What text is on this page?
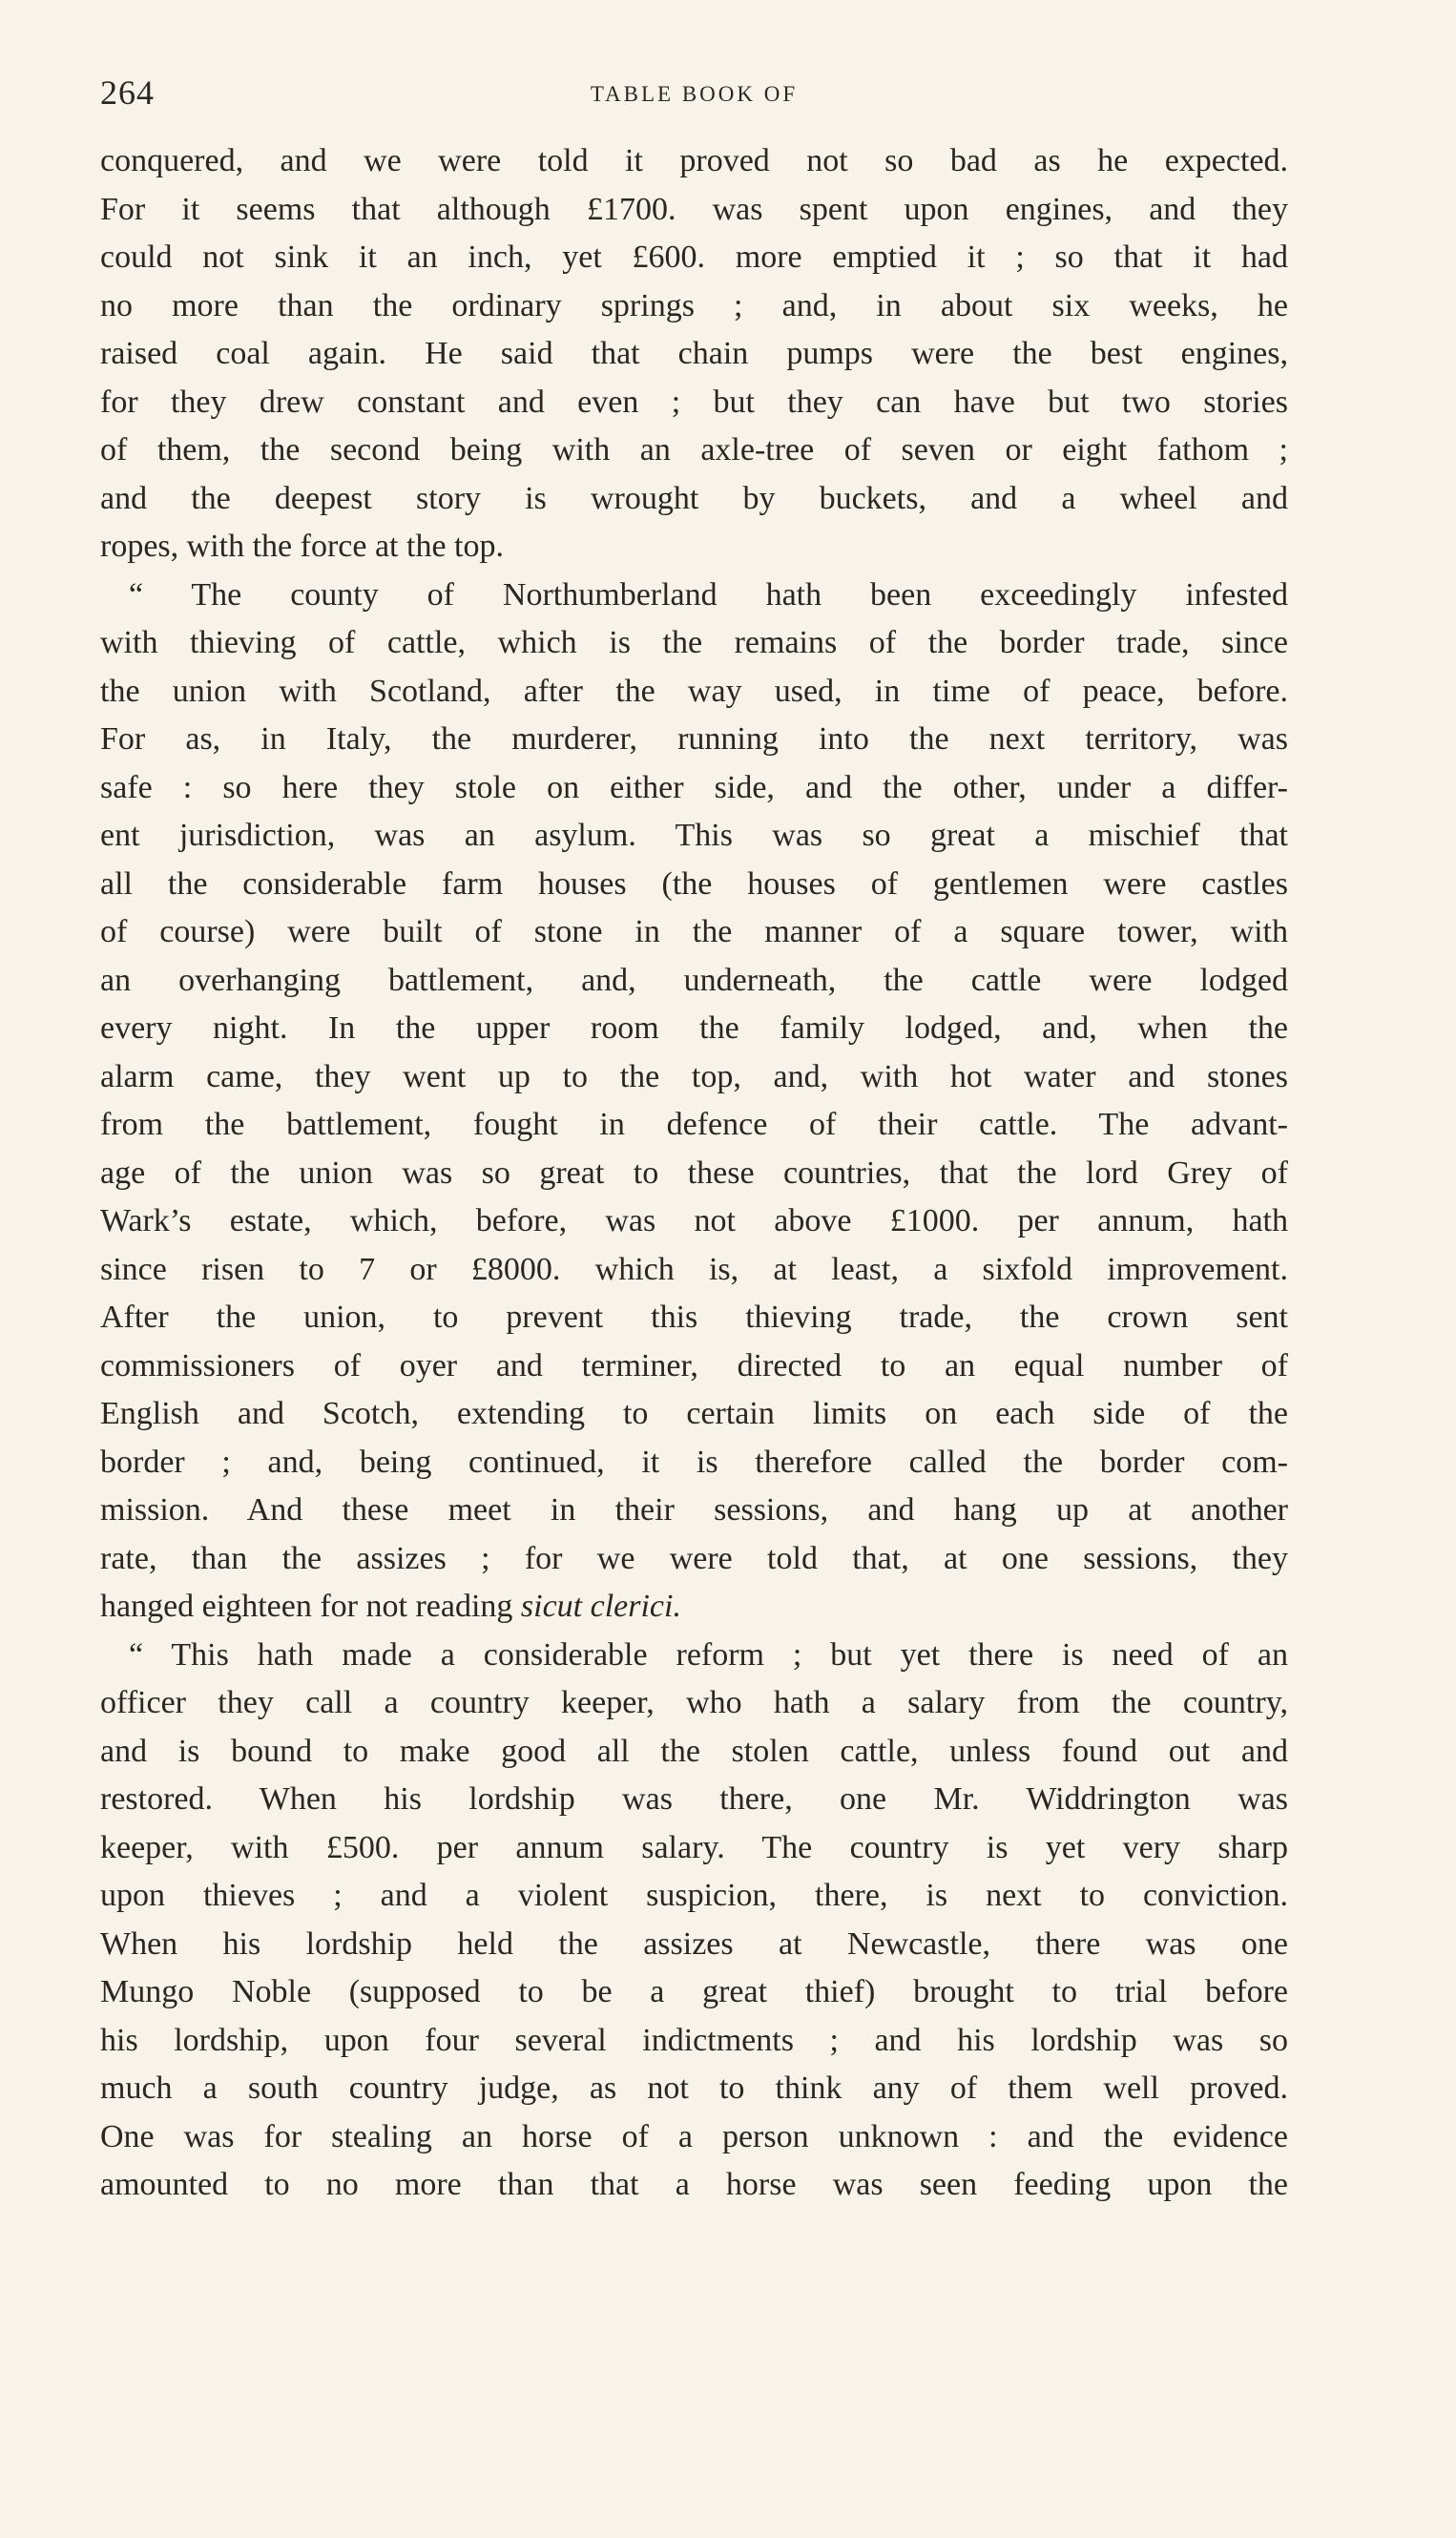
264	TABLE BOOK OF
conquered, and we were told it proved not so bad as he expected.
For it seems that although £1700. was spent upon engines, and they
could not sink it an inch, yet £600. more emptied it ; so that it had
no more than the ordinary springs ; and, in about six weeks, he
raised coal again. He said that chain pumps were the best engines,
for they drew constant and even ; but they can have but two stories
of them, the second being with an axle-tree of seven or eight fathom ;
and the deepest story is wrought by buckets, and a wheel and
ropes, with the force at the top.
“ The county of Northumberland hath been exceedingly infested
with thieving of cattle, which is the remains of the border trade, since
the union with Scotland, after the way used, in time of peace, before.
For as, in Italy, the murderer, running into the next territory, was
safe : so here they stole on either side, and the other, under a differ-
ent jurisdiction, was an asylum. This was so great a mischief that
all the considerable farm houses (the houses of gentlemen were castles
of course) were built of stone in the manner of a square tower, with
an overhanging battlement, and, underneath, the cattle were lodged
every night. In the upper room the family lodged, and, when the
alarm came, they went up to the top, and, with hot water and stones
from the battlement, fought in defence of their cattle. The advant-
age of the union was so great to these countries, that the lord Grey of
Wark’s estate, which, before, was not above £1000. per annum, hath
since risen to 7 or £8000. which is, at least, a sixfold improvement.
After the union, to prevent this thieving trade, the crown sent
commissioners of oyer and terminer, directed to an equal number of
English and Scotch, extending to certain limits on each side of the
border ; and, being continued, it is therefore called the border com-
mission. And these meet in their sessions, and hang up at another
rate, than the assizes ; for we were told that, at one sessions, they
hanged eighteen for not reading sicut clerici.
“ This hath made a considerable reform ; but yet there is need of an
officer they call a country keeper, who hath a salary from the country,
and is bound to make good all the stolen cattle, unless found out and
restored. When his lordship was there, one Mr. Widdrington was
keeper, with £500. per annum salary. The country is yet very sharp
upon thieves ; and a violent suspicion, there, is next to conviction.
When his lordship held the assizes at Newcastle, there was one
Mungo Noble (supposed to be a great thief) brought to trial before
his lordship, upon four several indictments ; and his lordship was so
much a south country judge, as not to think any of them well proved.
One was for stealing an horse of a person unknown : and the evidence
amounted to no more than that a horse was seen feeding upon the
